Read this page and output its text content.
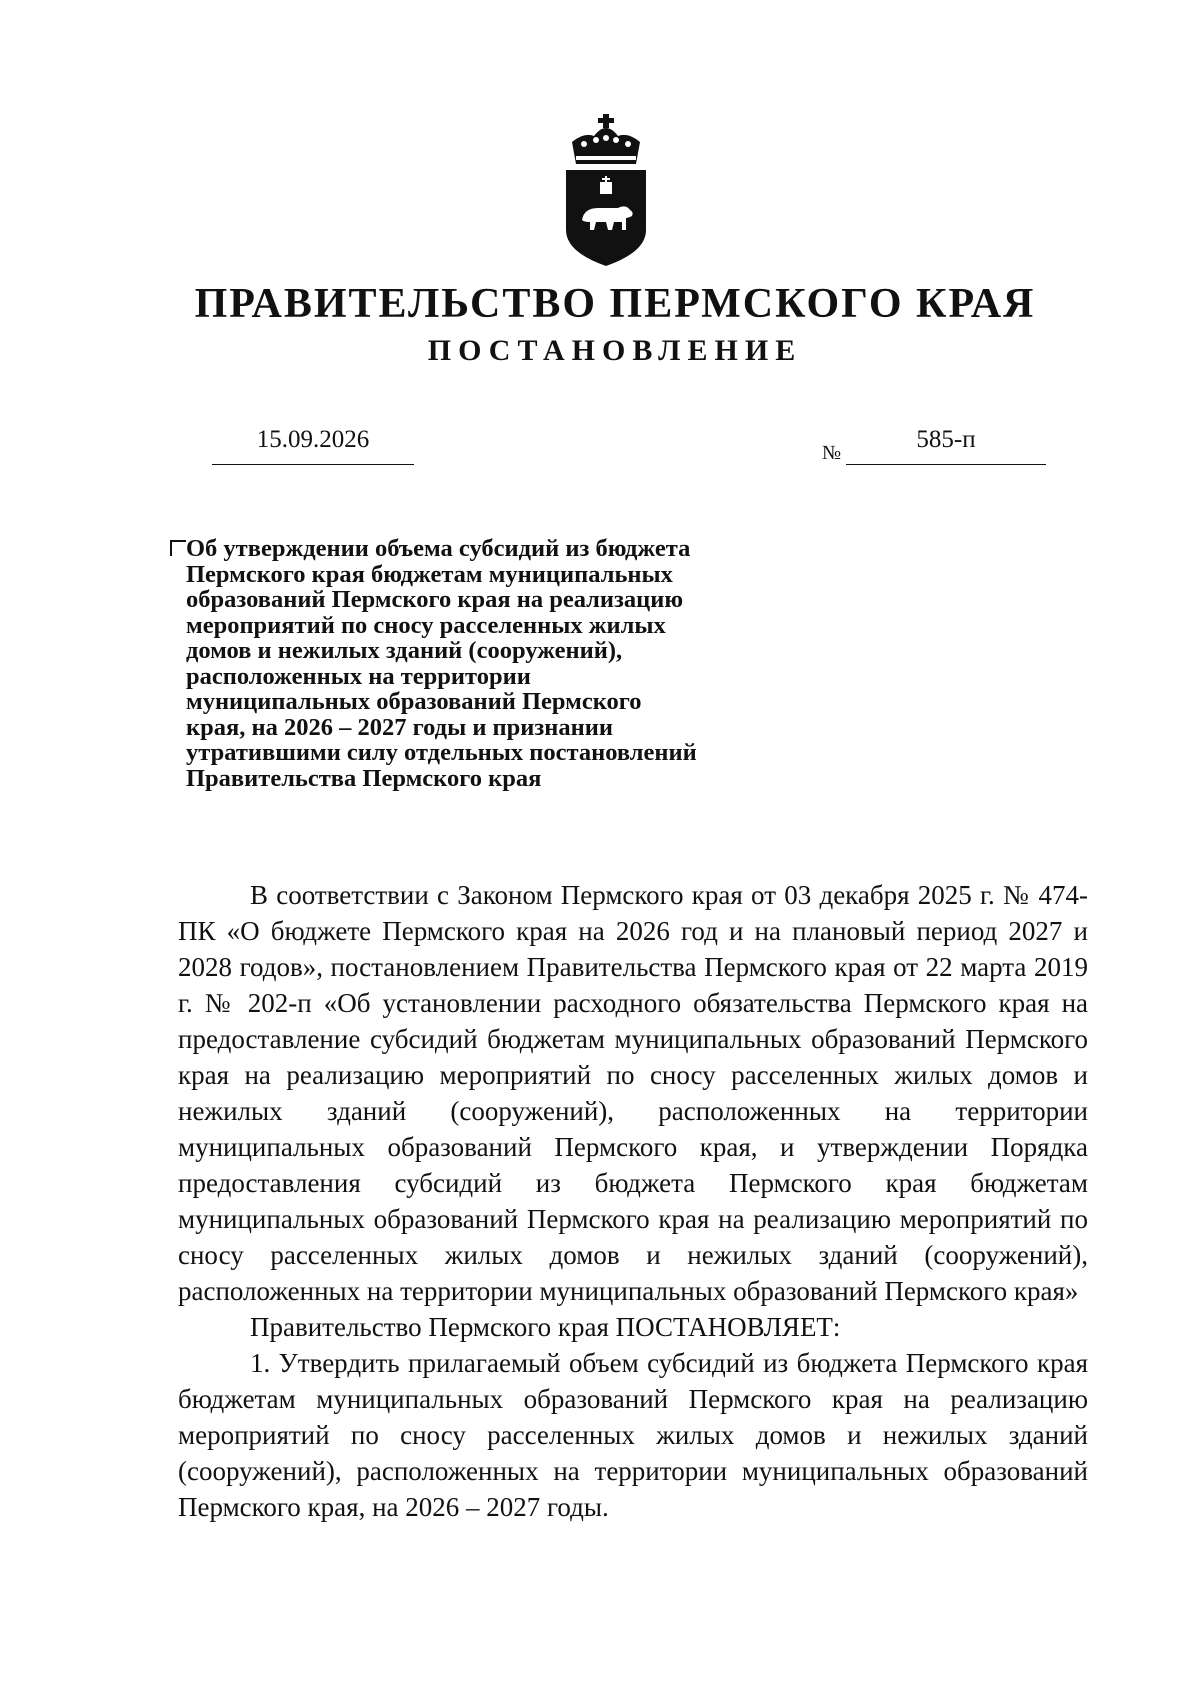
ПРАВИТЕЛЬСТВО ПЕРМСКОГО КРАЯ
ПОСТАНОВЛЕНИЕ
15.09.2026	№	585-п
Об утверждении объема субсидий из бюджета
Пермского края бюджетам муниципальных
образований Пермского края на реализацию
мероприятий по сносу расселенных жилых
домов и нежилых зданий (сооружений),
расположенных на территории
муниципальных образований Пермского
края, на 2026 – 2027 годы и признании
утратившими силу отдельных постановлений
Правительства Пермского края

В соответствии с Законом Пермского края от 03 декабря 2025 г. № 474-ПК «О бюджете Пермского края на 2026 год и на плановый период 2027 и 2028 годов», постановлением Правительства Пермского края от 22 марта 2019 г. № 202-п «Об установлении расходного обязательства Пермского края на предоставление субсидий бюджетам муниципальных образований Пермского края на реализацию мероприятий по сносу расселенных жилых домов и нежилых зданий (сооружений), расположенных на территории муниципальных образований Пермского края, и утверждении Порядка предоставления субсидий из бюджета Пермского края бюджетам муниципальных образований Пермского края на реализацию мероприятий по сносу расселенных жилых домов и нежилых зданий (сооружений), расположенных на территории муниципальных образований Пермского края»

Правительство Пермского края ПОСТАНОВЛЯЕТ:

1. Утвердить прилагаемый объем субсидий из бюджета Пермского края бюджетам муниципальных образований Пермского края на реализацию мероприятий по сносу расселенных жилых домов и нежилых зданий (сооружений), расположенных на территории муниципальных образований Пермского края, на 2026 – 2027 годы.
